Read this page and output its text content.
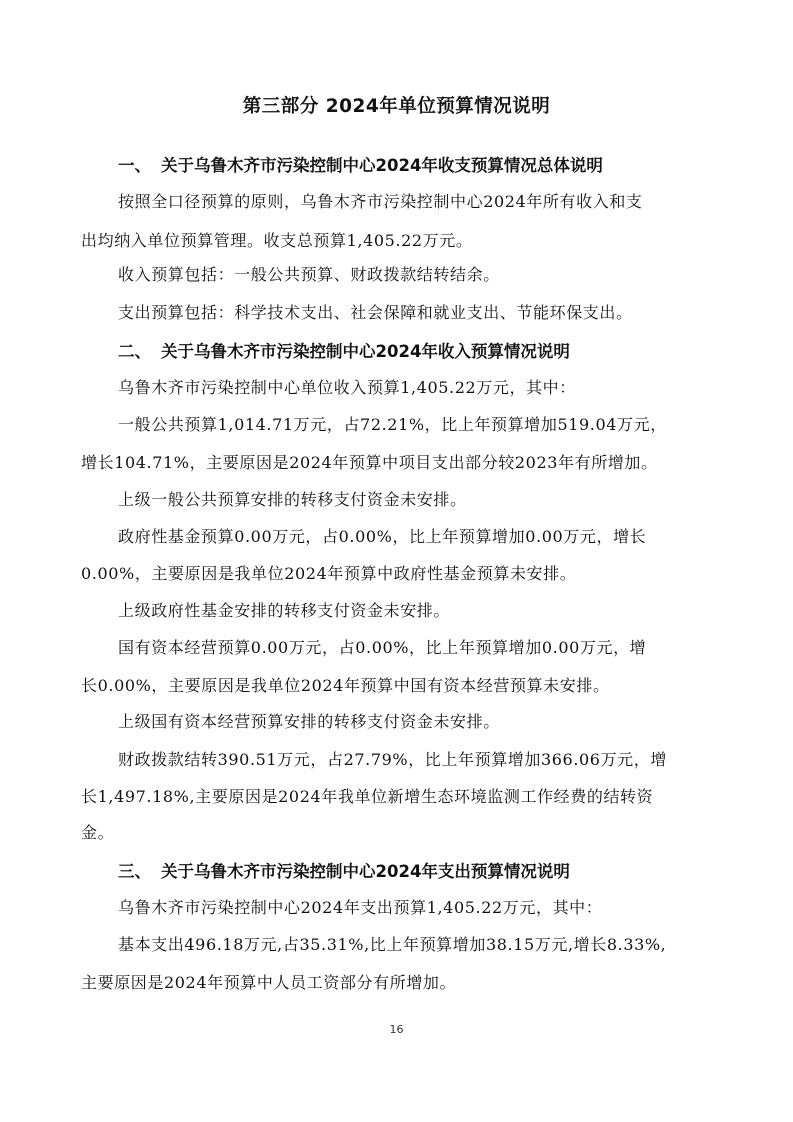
第三部分 2024年单位预算情况说明
一、 关于乌鲁木齐市污染控制中心2024年收支预算情况总体说明
按照全口径预算的原则，乌鲁木齐市污染控制中心2024年所有收入和支
出均纳入单位预算管理。收支总预算1,405.22万元。
收入预算包括：一般公共预算、财政拨款结转结余。
支出预算包括：科学技术支出、社会保障和就业支出、节能环保支出。
二、 关于乌鲁木齐市污染控制中心2024年收入预算情况说明
乌鲁木齐市污染控制中心单位收入预算1,405.22万元，其中：
一般公共预算1,014.71万元，占72.21%，比上年预算增加519.04万元，
增长104.71%，主要原因是2024年预算中项目支出部分较2023年有所增加。
上级一般公共预算安排的转移支付资金未安排。
政府性基金预算0.00万元，占0.00%，比上年预算增加0.00万元，增长
0.00%，主要原因是我单位2024年预算中政府性基金预算未安排。
上级政府性基金安排的转移支付资金未安排。
国有资本经营预算0.00万元，占0.00%，比上年预算增加0.00万元，增
长0.00%，主要原因是我单位2024年预算中国有资本经营预算未安排。
上级国有资本经营预算安排的转移支付资金未安排。
财政拨款结转390.51万元，占27.79%，比上年预算增加366.06万元，增
长1,497.18%,主要原因是2024年我单位新增生态环境监测工作经费的结转资
金。
三、 关于乌鲁木齐市污染控制中心2024年支出预算情况说明
乌鲁木齐市污染控制中心2024年支出预算1,405.22万元，其中：
基本支出496.18万元,占35.31%,比上年预算增加38.15万元,增长8.33%,
主要原因是2024年预算中人员工资部分有所增加。
16
